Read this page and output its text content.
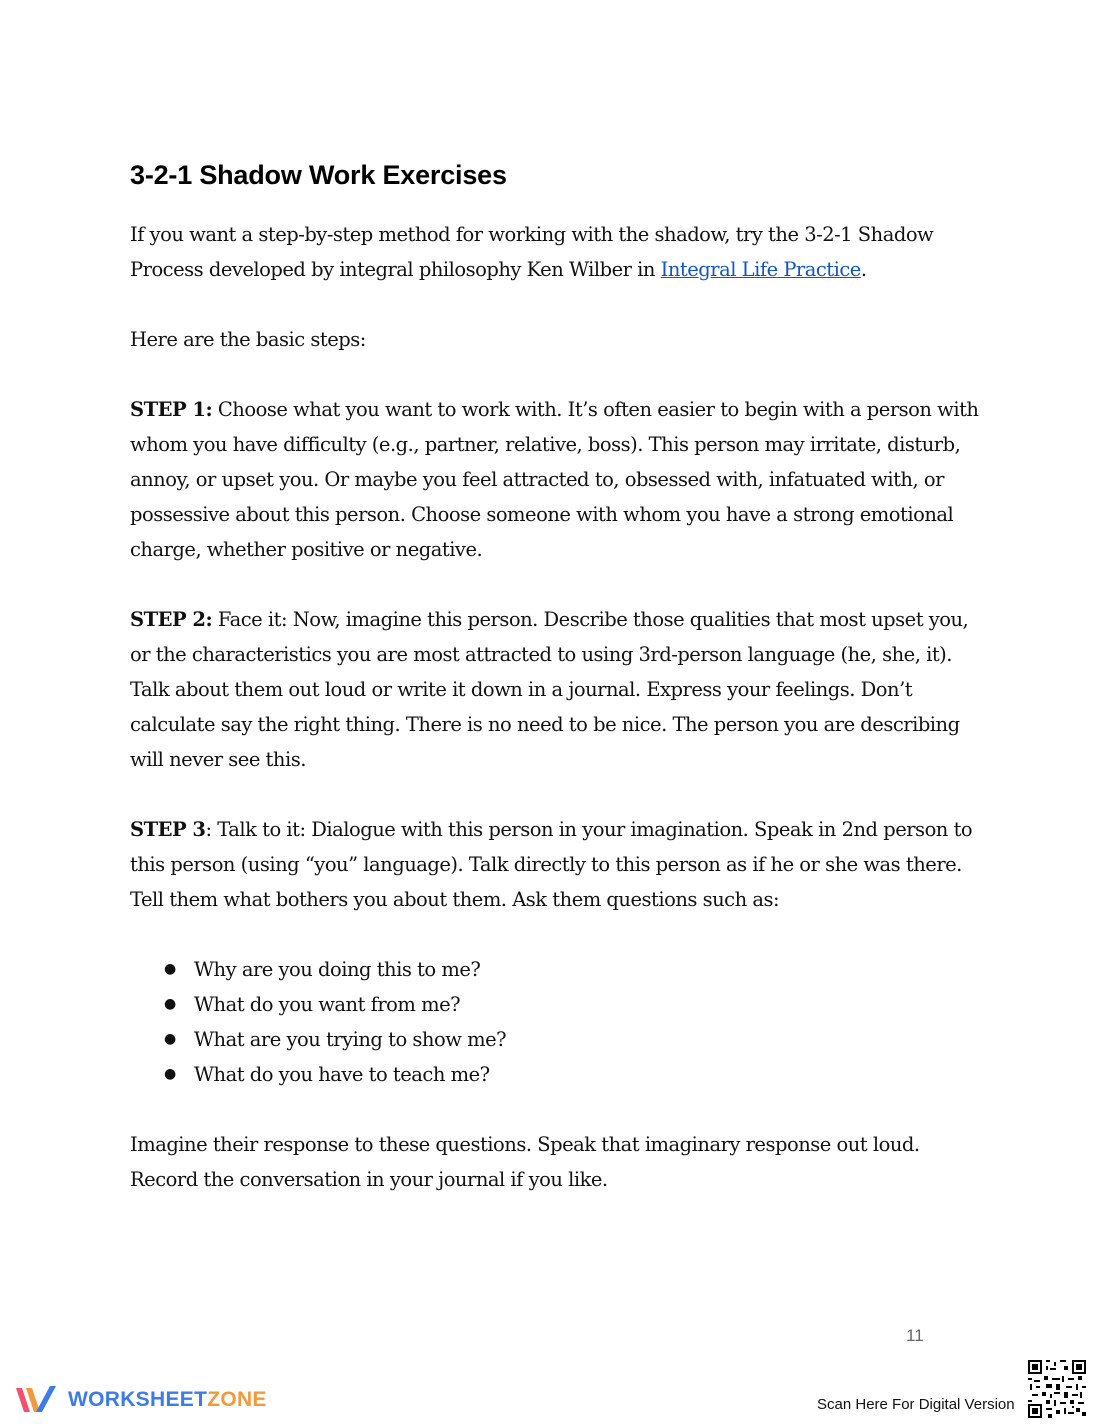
3-2-1 Shadow Work Exercises

If you want a step-by-step method for working with the shadow, try the 3-2-1 Shadow Process developed by integral philosophy Ken Wilber in Integral Life Practice.

Here are the basic steps:

STEP 1: Choose what you want to work with. It’s often easier to begin with a person with whom you have difficulty (e.g., partner, relative, boss). This person may irritate, disturb, annoy, or upset you. Or maybe you feel attracted to, obsessed with, infatuated with, or possessive about this person. Choose someone with whom you have a strong emotional charge, whether positive or negative.

STEP 2: Face it: Now, imagine this person. Describe those qualities that most upset you, or the characteristics you are most attracted to using 3rd-person language (he, she, it). Talk about them out loud or write it down in a journal. Express your feelings. Don’t calculate say the right thing. There is no need to be nice. The person you are describing will never see this.

STEP 3: Talk to it: Dialogue with this person in your imagination. Speak in 2nd person to this person (using “you” language). Talk directly to this person as if he or she was there. Tell them what bothers you about them. Ask them questions such as:

● Why are you doing this to me?
● What do you want from me?
● What are you trying to show me?
● What do you have to teach me?

Imagine their response to these questions. Speak that imaginary response out loud. Record the conversation in your journal if you like.

11
WORKSHEETZONE	Scan Here For Digital Version
